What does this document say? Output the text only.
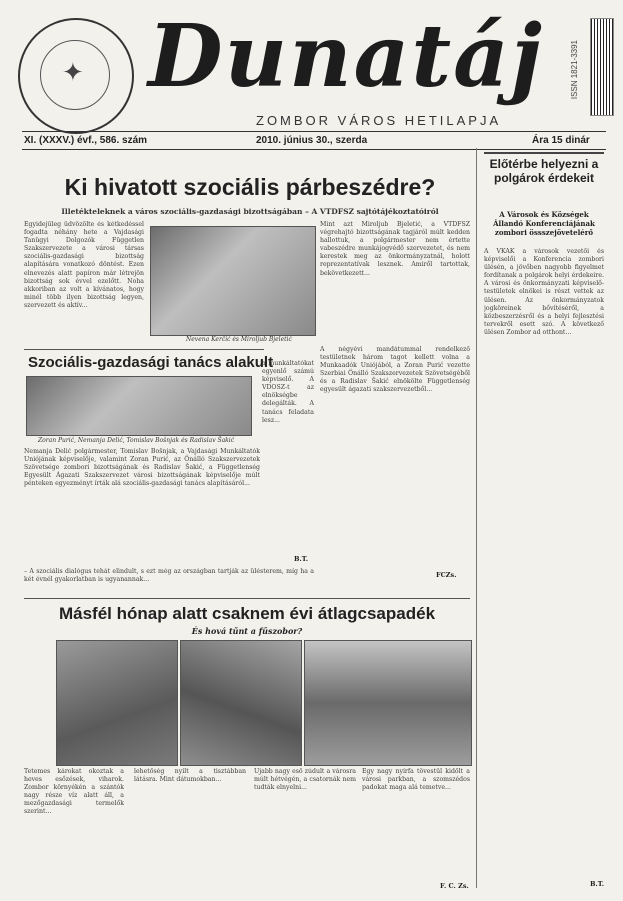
✦ Dunatáj
ZOMBOR VÁROS HETILAPJA
ISSN 1821-3391
XI. (XXXV.) évf., 586. szám	2010. június 30., szerda	Ára 15 dinár
Ki hivatott szociális párbeszédre?
Illetékteleknek a város szociális-gazdasági bizottságában – A VTDFSZ sajtótájékoztatóiról
Egyidejűleg üdvözölte és kétkedéssel fogadta néhány hete a Vajdasági Tanügyi Dolgozók Független Szakszervezete a városi társas szociális-gazdasági bizottság alapítására vonatkozó döntést. Ezen elnevezés alatt papíron már létrejön bizottság sok évvel ezelőtt. Noha akkoriban az volt a kívánatos, hogy minél több ilyen bizottság legyen, szervezett és aktív...
Nevena Kerčić és Miroljub Bjeletić
Mint azt Miroljub Bjeletić, a VTDFSZ végrehajtó bizottságának tagjáról múlt kedden hallottuk, a polgármester nem értette vabeszédre munkájogvédő szervezetet, és nem kerestek meg az önkormányzatnál, holott reprezentatívak lesznek. Amiről tartottak, bekövetkezett...
A négyévi mandátummal rendelkező testületnek három tagot kellett volna a Munkaadók Uniójából, a Zoran Purić vezette Szerbiai Önálló Szakszervezetek Szövetségéből és a Radislav Šakić elnökölte Függetlenség egyesült ágazati szakszervezetből...
FCZs.
Szociális-gazdasági tanács alakult
Zoran Purić, Nemanja Delić, Tomislav Bošnjak és Radislav Šakić
Nemanja Delić polgármester, Tomislav Bošnjak, a Vajdasági Munkáltatók Uniójának képviselője, valamint Zoran Purić, az Önálló Szakszervezetek Szövetsége zombori bizottságának és Radislav Šakić, a Függetlenség Egyesült Ágazati Szakszervezet városi bizottságának képviselője múlt pénteken egyezményt írták alá szociális-gazdasági tanács alapításáról...
a munkáltatókat egyenlő számú képviselő. A VDOSZ-t az elnökségbe delegálták. A tanács feladata lesz...
B.T.
– A szociális dialógus tehát elindult, s ezt még az országban tartják az ülésterem, míg ha a két évnél gyakorlatban is ugyanannak...
Másfél hónap alatt csaknem évi átlagcsapadék
És hová tűnt a fűszobor?
Tetemes károkat okoztak a heves esőzések, viharok. Zombor környékén a szántók nagy része víz alatt áll, a mezőgazdasági termelők szerint...
lehetőség nyílt a tisztábban látásra. Mint dátumokban...
Újabb nagy eső zúdult a városra múlt hétvégén, a csatornák nem tudták elnyelni...
Egy nagy nyírfa tövestül kidőlt a városi parkban, a szomszédos padokat maga alá temetve...
F. C. Zs.
Előtérbe helyezni a polgárok érdekeit
A Városok és Községek Állandó Konferenciájának zombori össszejövetelérő
A VKÁK a városok vezetői és képviselői a Konferencia zombori ülésén, a jövőben nagyobb figyelmet fordítanak a polgárok helyi érdekeire. A városi és önkormányzati képviselő-testületek elnökei is részt vettek az ülésen. Az önkormányzatok jogköreinek bővítéséről, a közbeszerzésről és a helyi fejlesztési tervekről esett szó. A következő ülésen Zombor ad otthont...
B.T.
